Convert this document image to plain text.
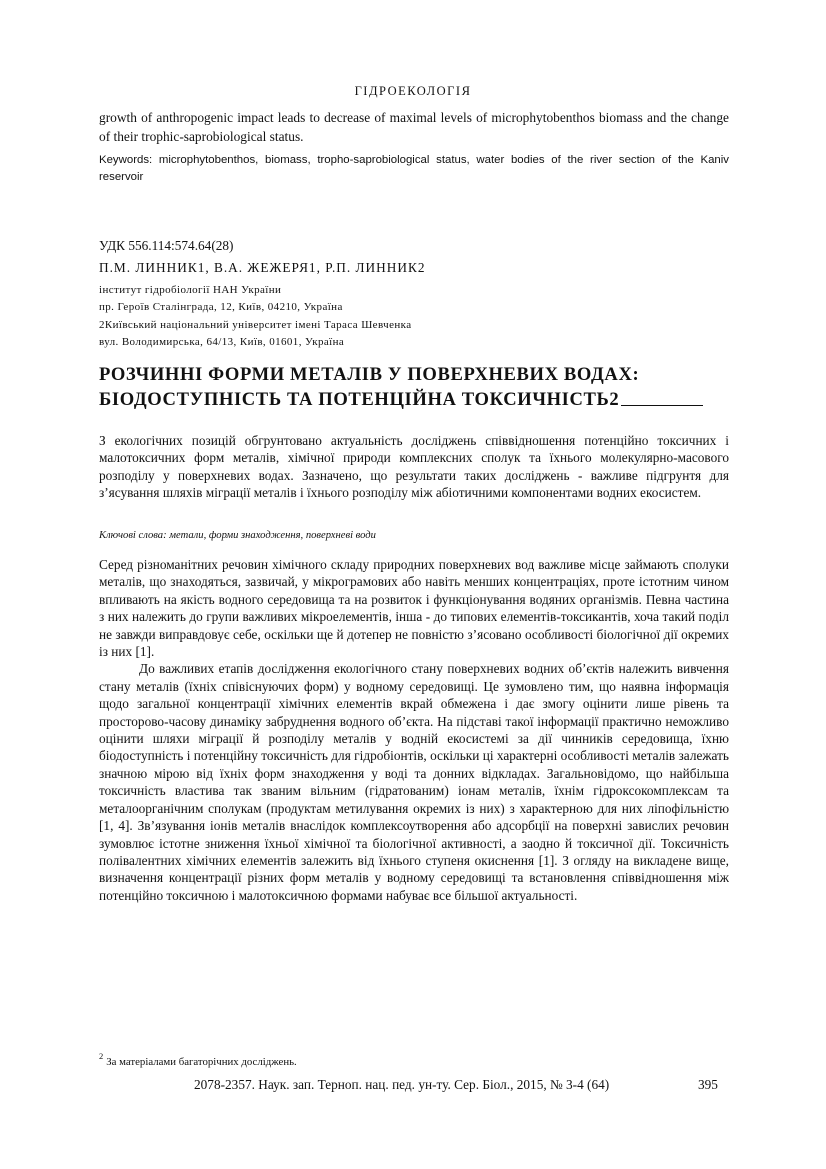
ГІДРОЕКОЛОГІЯ
growth of anthropogenic impact leads to decrease of maximal levels of microphytobenthos biomass and the change of their trophic-saprobiological status.
Keywords: microphytobenthos, biomass, tropho-saprobiological status, water bodies of the river section of the Kaniv reservoir
УДК 556.114:574.64(28)
П.М. ЛИННИК1, В.А. ЖЕЖЕРЯ1, Р.П. ЛИННИК2
інститут гідробіології НАН України
пр. Героїв Сталінграда, 12, Київ, 04210, Україна
2Київський національний університет імені Тараса Шевченка
вул. Володимирська, 64/13, Київ, 01601, Україна
РОЗЧИННІ ФОРМИ МЕТАЛІВ У ПОВЕРХНЕВИХ ВОДАХ:
БІОДОСТУПНІСТЬ ТА ПОТЕНЦІЙНА ТОКСИЧНІСТЬ2
З екологічних позицій обгрунтовано актуальність досліджень співвідношення потенційно токсичних і малотоксичних форм металів, хімічної природи комплексних сполук та їхнього молекулярно-масового розподілу у поверхневих водах. Зазначено, що результати таких досліджень - важливе підгрунтя для з’ясування шляхів міграції металів і їхнього розподілу між абіотичними компонентами водних екосистем.
Ключові слова: метали, форми знаходження, поверхневі води

Серед різноманітних речовин хімічного складу природних поверхневих вод важливе місце займають сполуки металів, що знаходяться, зазвичай, у мікрограмових або навіть менших концентраціях, проте істотним чином впливають на якість водного середовища та на розвиток і функціонування водяних організмів. Певна частина з них належить до групи важливих мікроелементів, інша - до типових елементів-токсикантів, хоча такий поділ не завжди виправдовує себе, оскільки ще й дотепер не повністю з’ясовано особливості біологічної дії окремих із них [1].

До важливих етапів дослідження екологічного стану поверхневих водних об’єктів належить вивчення стану металів (їхніх співіснуючих форм) у водному середовищі. Це зумовлено тим, що наявна інформація щодо загальної концентрації хімічних елементів вкрай обмежена і дає змогу оцінити лише рівень та просторово-часову динаміку забруднення водного об’єкта. На підставі такої інформації практично неможливо оцінити шляхи міграції й розподілу металів у водній екосистемі за дії чинників середовища, їхню біодоступність і потенційну токсичність для гідробіонтів, оскільки ці характерні особливості металів залежать значною мірою від їхніх форм знаходження у воді та донних відкладах. Загальновідомо, що найбільша токсичність властива так званим вільним (гідратованим) іонам металів, їхнім гідроксокомплексам та металоорганічним сполукам (продуктам метилування окремих із них) з характерною для них ліпофільністю [1, 4]. Зв’язування іонів металів внаслідок комплексоутворення або адсорбції на поверхні завислих речовин зумовлює істотне зниження їхньої хімічної та біологічної активності, а заодно й токсичної дії. Токсичність полівалентних хімічних елементів залежить від їхнього ступеня окиснення [1]. З огляду на викладене вище, визначення концентрації різних форм металів у водному середовищі та встановлення співвідношення між потенційно токсичною і малотоксичною формами набуває все більшої актуальності.

$^2$ За матеріалами багаторічних досліджень.
2078-2357. Наук. зап. Терноп. нац. пед. ун-ту. Сер. Біол., 2015, № 3-4 (64)	395
